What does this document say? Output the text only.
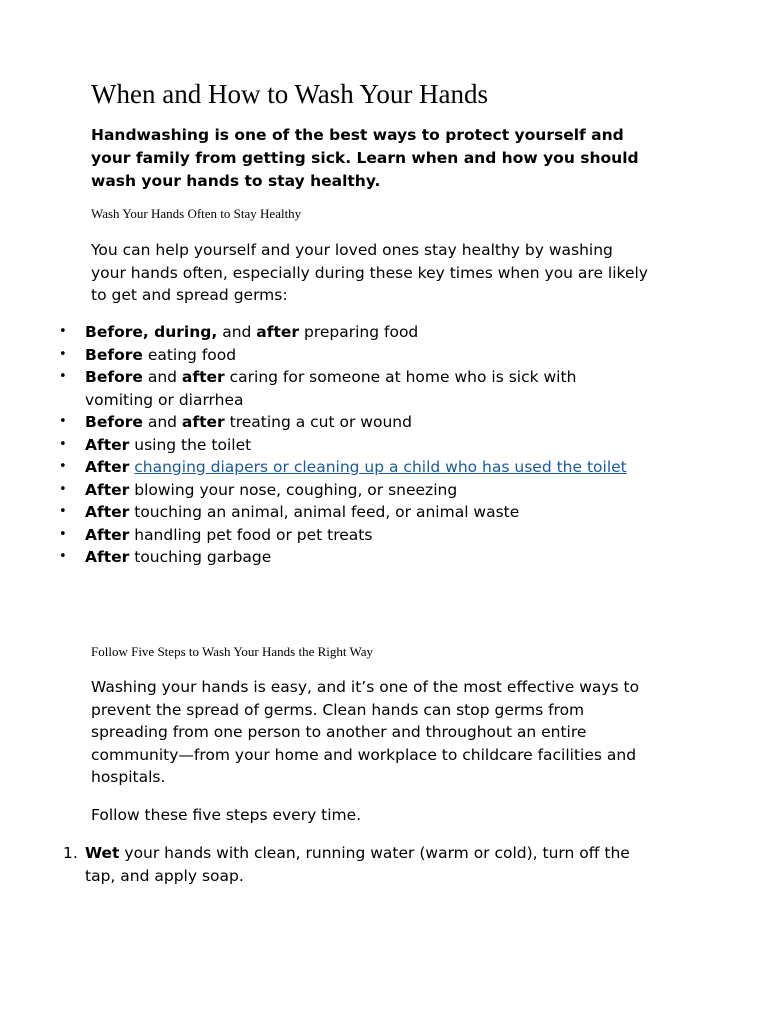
When and How to Wash Your Hands

Handwashing is one of the best ways to protect yourself and your family from getting sick. Learn when and how you should wash your hands to stay healthy.

Wash Your Hands Often to Stay Healthy

You can help yourself and your loved ones stay healthy by washing your hands often, especially during these key times when you are likely to get and spread germs:

• Before, during, and after preparing food
• Before eating food
• Before and after caring for someone at home who is sick with vomiting or diarrhea
• Before and after treating a cut or wound
• After using the toilet
• After changing diapers or cleaning up a child who has used the toilet
• After blowing your nose, coughing, or sneezing
• After touching an animal, animal feed, or animal waste
• After handling pet food or pet treats
• After touching garbage

Follow Five Steps to Wash Your Hands the Right Way

Washing your hands is easy, and it’s one of the most effective ways to prevent the spread of germs. Clean hands can stop germs from spreading from one person to another and throughout an entire community—from your home and workplace to childcare facilities and hospitals.

Follow these five steps every time.

1. Wet your hands with clean, running water (warm or cold), turn off the tap, and apply soap.
